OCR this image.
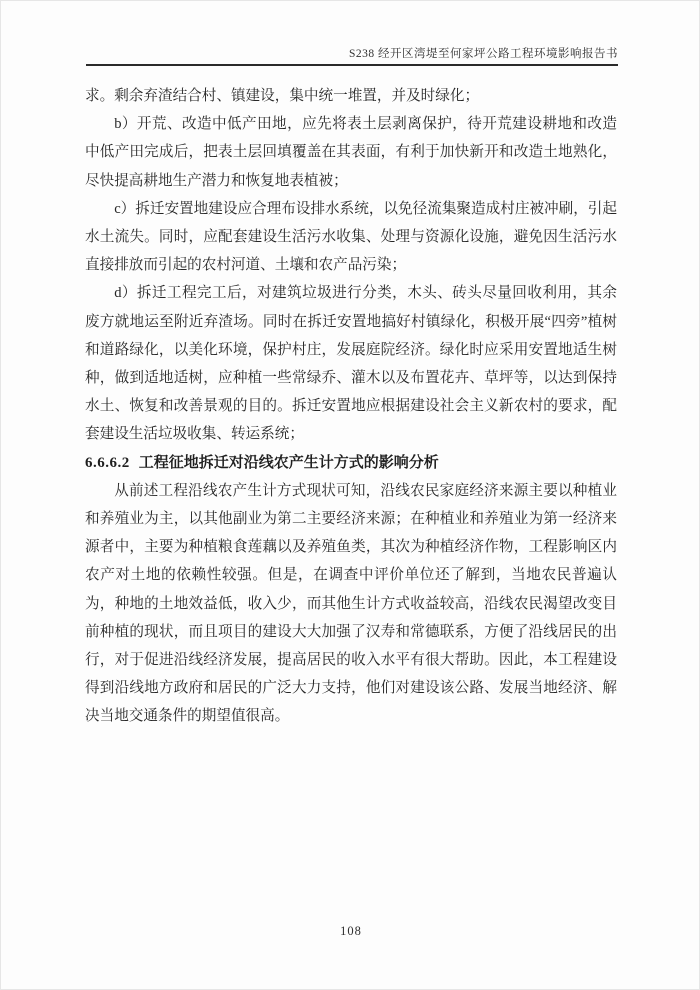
S238 经开区湾堤至何家坪公路工程环境影响报告书

求。剩余弃渣结合村、镇建设，集中统一堆置，并及时绿化；

b）开荒、改造中低产田地，应先将表土层剥离保护，待开荒建设耕地和改造中低产田完成后，把表土层回填覆盖在其表面，有利于加快新开和改造土地熟化，尽快提高耕地生产潜力和恢复地表植被；

c）拆迁安置地建设应合理布设排水系统，以免径流集聚造成村庄被冲刷，引起水土流失。同时，应配套建设生活污水收集、处理与资源化设施，避免因生活污水直接排放而引起的农村河道、土壤和农产品污染；

d）拆迁工程完工后，对建筑垃圾进行分类，木头、砖头尽量回收利用，其余废方就地运至附近弃渣场。同时在拆迁安置地搞好村镇绿化，积极开展“四旁”植树和道路绿化，以美化环境，保护村庄，发展庭院经济。绿化时应采用安置地适生树种，做到适地适树，应种植一些常绿乔、灌木以及布置花卉、草坪等，以达到保持水土、恢复和改善景观的目的。拆迁安置地应根据建设社会主义新农村的要求，配套建设生活垃圾收集、转运系统；

6.6.6.2 工程征地拆迁对沿线农产生计方式的影响分析

从前述工程沿线农产生计方式现状可知，沿线农民家庭经济来源主要以种植业和养殖业为主，以其他副业为第二主要经济来源；在种植业和养殖业为第一经济来源者中，主要为种植粮食莲藕以及养殖鱼类，其次为种植经济作物，工程影响区内农产对土地的依赖性较强。但是，在调查中评价单位还了解到，当地农民普遍认为，种地的土地效益低，收入少，而其他生计方式收益较高，沿线农民渴望改变目前种植的现状，而且项目的建设大大加强了汉寿和常德联系，方便了沿线居民的出行，对于促进沿线经济发展，提高居民的收入水平有很大帮助。因此，本工程建设得到沿线地方政府和居民的广泛大力支持，他们对建设该公路、发展当地经济、解决当地交通条件的期望值很高。

108
